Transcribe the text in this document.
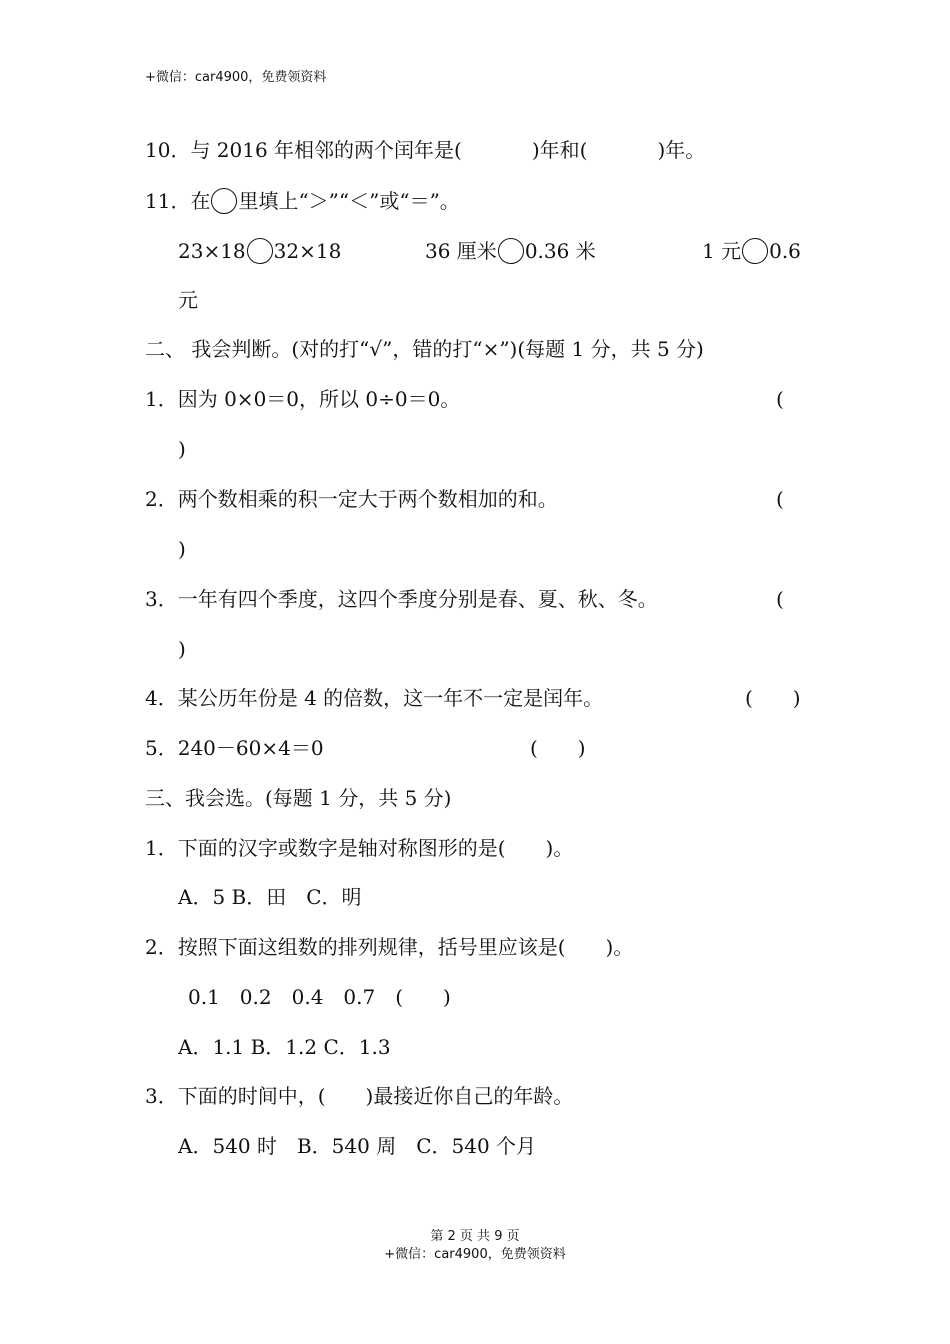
+微信：car4900，免费领资料
10．与 2016 年相邻的两个闰年是(	)年和(	)年。
11．在 里填上“＞”“＜”或“＝”。
23×18 32×18	36 厘米 0.36 米	1 元 0.6
元
二、 我会判断。(对的打“√”，错的打“×”)(每题 1 分，共 5 分)
1．因为 0×0＝0，所以 0÷0＝0。	(
)
2．两个数相乘的积一定大于两个数相加的和。	(
)
3．一年有四个季度，这四个季度分别是春、夏、秋、冬。	(
)
4．某公历年份是 4 的倍数，这一年不一定是闰年。	(　　)
5．240－60×4＝0	(　　)
三、我会选。(每题 1 分，共 5 分)
1．下面的汉字或数字是轴对称图形的是(　　)。
A．5 B．田　C．明
2．按照下面这组数的排列规律，括号里应该是(　　)。
0.1　0.2　0.4　0.7　(　　)
A．1.1 B．1.2 C．1.3
3．下面的时间中，(　　)最接近你自己的年龄。
A．540 时　B．540 周　C．540 个月
第 2 页 共 9 页
+微信：car4900，免费领资料
